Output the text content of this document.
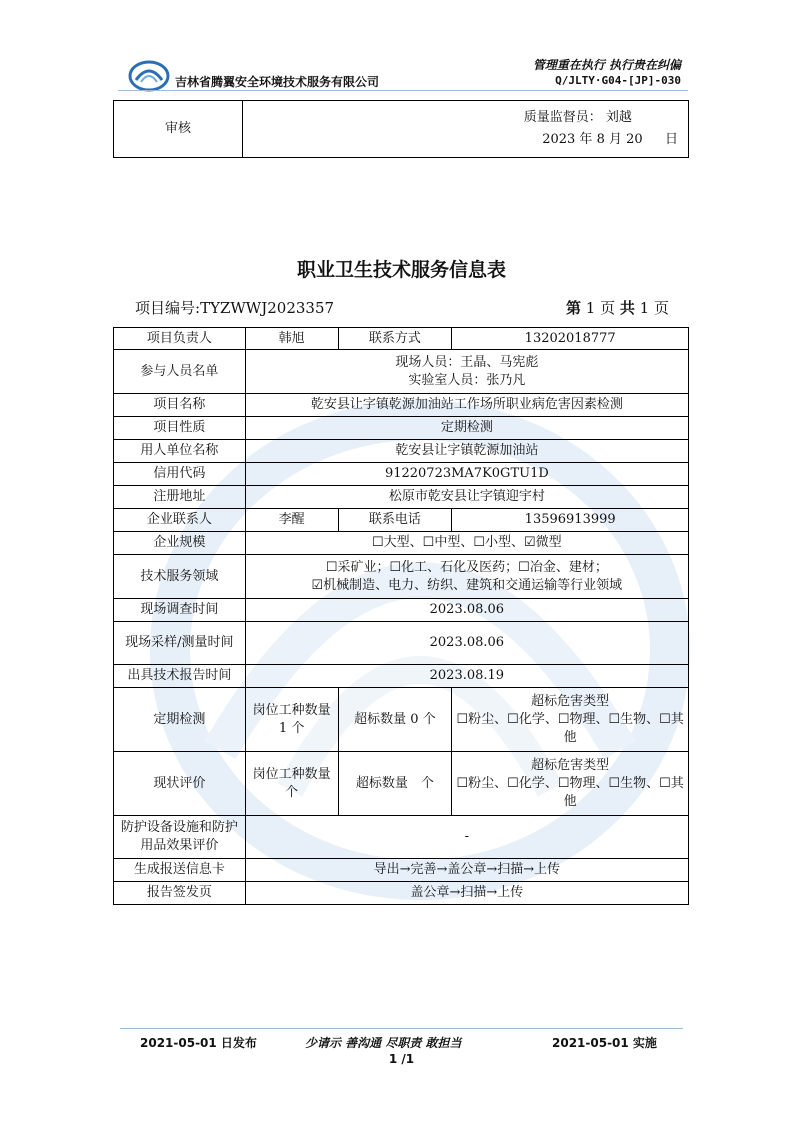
吉林省腾翼安全环境技术服务有限公司
管理重在执行 执行贵在纠偏
Q/JLTY·G04-[JP]-030
审核	
质量监督员： 刘越
2023 年 8 月 20 日
职业卫生技术服务信息表
项目编号:TYZWWJ2023357	第 1 页 共 1 页
项目负责人	韩旭	联系方式	13202018777
参与人员名单	现场人员：王晶、马宪彪
实验室人员：张乃凡		

项目名称	乾安县让字镇乾源加油站工作场所职业病危害因素检测		
项目性质	定期检测		
用人单位名称	乾安县让字镇乾源加油站		
信用代码	91220723MA7K0GTU1D		
注册地址	松原市乾安县让字镇迎宇村		
企业联系人	李醒	联系电话	13596913999
企业规模	☐大型、☐中型、☐小型、☑微型		
技术服务领域	☐采矿业；☐化工、石化及医药；☐冶金、建材；
☑机械制造、电力、纺织、建筑和交通运输等行业领域		

现场调查时间	2023.08.06		
现场采样/测量时间	2023.08.06		
出具技术报告时间	2023.08.19		
定期检测	岗位工种数量 1 个	超标数量 0 个	超标危害类型
☐粉尘、☐化学、☐物理、☐生物、☐其他

现状评价	岗位工种数量　个	超标数量　个	超标危害类型
☐粉尘、☐化学、☐物理、☐生物、☐其他

防护设备设施和防护用品效果评价	-		
生成报送信息卡	导出→完善→盖公章→扫描→上传		
报告签发页	盖公章→扫描→上传		
2021-05-01 日发布	少请示 善沟通 尽职责 敢担当	2021-05-01 实施
1 /1
